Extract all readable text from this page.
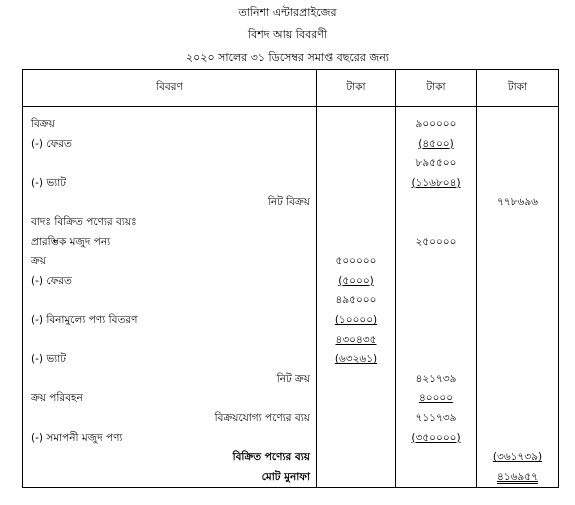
তানিশা এন্টারপ্রাইজের
বিশদ আয় বিবরণী
২০২০ সালের ৩১ ডিসেম্বর সমাপ্ত বছরের জন্য
বিবরণ	টাকা	টাকা	টাকা
বিক্রয়		৯০০০০০	
(-) ফেরত		(৪৫০০)	
		৮৯৫৫০০	
(-) ভ্যাট		(১১৬৮০৪)	
নিট বিক্রয়			৭৭৮৬৯৬
বাদঃ বিক্রিত পণ্যের ব্যয়ঃ			
প্রারম্ভিক মজুদ পন্য		২৫০০০০	
ক্রয়	৫০০০০০		
(-) ফেরত	(৫০০০)		
	৪৯৫০০০		
(-) বিনামুল্যে পণ্য বিতরণ	(১০০০০)		
	৪৩০৪৩৫		
(-) ভ্যাট	(৬৩২৬১)		
নিট ক্রয়		৪২১৭৩৯	
ক্রয় পরিবহন		৪০০০০	
বিক্রয়যোগ্য পণ্যের ব্যয়		৭১১৭৩৯	
(-) সমাপনী মজুদ পণ্য		(৩৫০০০০)	
বিক্রিত পণ্যের ব্যয়			(৩৬১৭৩৯)
মোট মুনাফা			৪১৬৯৫৭
